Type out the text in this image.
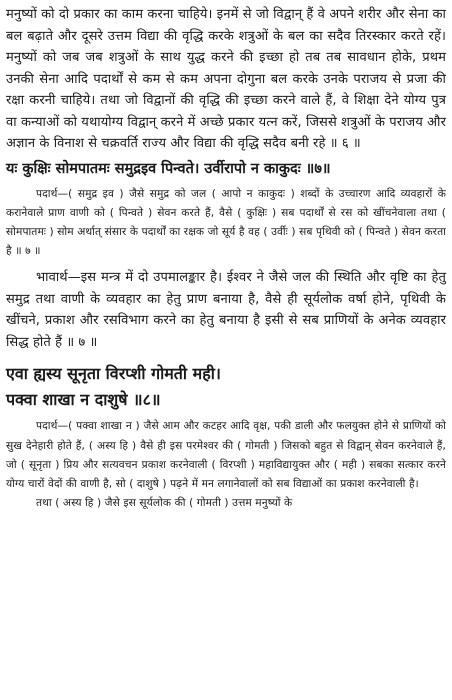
मनुष्यों को दो प्रकार का काम करना चाहिये। इनमें से जो विद्वान् हैं वे अपने शरीर और सेना का बल बढ़ाते और दूसरे उत्तम विद्या की वृद्धि करके शत्रुओं के बल का सदैव तिरस्कार करते रहें। मनुष्यों को जब जब शत्रुओं के साथ युद्ध करने की इच्छा हो तब तब सावधान होके, प्रथम उनकी सेना आदि पदार्थों से कम से कम अपना दोगुना बल करके उनके पराजय से प्रजा की रक्षा करनी चाहिये। तथा जो विद्वानों की वृद्धि की इच्छा करने वाले हैं, वे शिक्षा देने योग्य पुत्र वा कन्याओं को यथायोग्य विद्वान् करने में अच्छे प्रकार यत्न करें, जिससे शत्रुओं के पराजय और अज्ञान के विनाश से चक्रवर्ति राज्य और विद्या की वृद्धि सदैव बनी रहे ॥ ६ ॥

यः कुक्षिः सोमपातमः समुद्रइव पिन्वते। उर्वीरापो न काकुदः ॥७॥

पदार्थ—( समुद्र इव ) जैसे समुद्र को जल ( आपो न काकुदः ) शब्दों के उच्चारण आदि व्यवहारों के करानेवाले प्राण वाणी को ( पिन्वते ) सेवन करते हैं, वैसे ( कुक्षिः ) सब पदार्थों से रस को खींचनेवाला तथा ( सोमपातमः ) सोम अर्थात् संसार के पदार्थों का रक्षक जो सूर्य है वह ( उर्वीः ) सब पृथिवी को ( पिन्वते ) सेवन करता है ॥ ७ ॥

भावार्थ—इस मन्त्र में दो उपमालङ्कार है। ईश्वर ने जैसे जल की स्थिति और वृष्टि का हेतु समुद्र तथा वाणी के व्यवहार का हेतु प्राण बनाया है, वैसे ही सूर्यलोक वर्षा होने, पृथिवी के खींचने, प्रकाश और रसविभाग करने का हेतु बनाया है इसी से सब प्राणियों के अनेक व्यवहार सिद्ध होते हैं ॥ ७ ॥

एवा ह्यस्य सूनृता विरप्शी गोमती मही।
पक्वा शाखा न दाशुषे ॥८॥

पदार्थ—( पक्वा शाखा न ) जैसे आम और कटहर आदि वृक्ष, पकी डाली और फलयुक्त होने से प्राणियों को सुख देनेहारी होते हैं, ( अस्य हि ) वैसे ही इस परमेश्वर की ( गोमती ) जिसको बहुत से विद्वान् सेवन करनेवाले हैं, जो ( सूनृता ) प्रिय और सत्यवचन प्रकाश करनेवाली ( विरप्शी ) महाविद्यायुक्त और ( मही ) सबका सत्कार करने योग्य चारों वेदों की वाणी है, सो ( दाशुषे ) पढ़ने में मन लगानेवालों को सब विद्याओं का प्रकाश करनेवाली है।

तथा ( अस्य हि ) जैसे इस सूर्यलोक की ( गोमती ) उत्तम मनुष्यों के
